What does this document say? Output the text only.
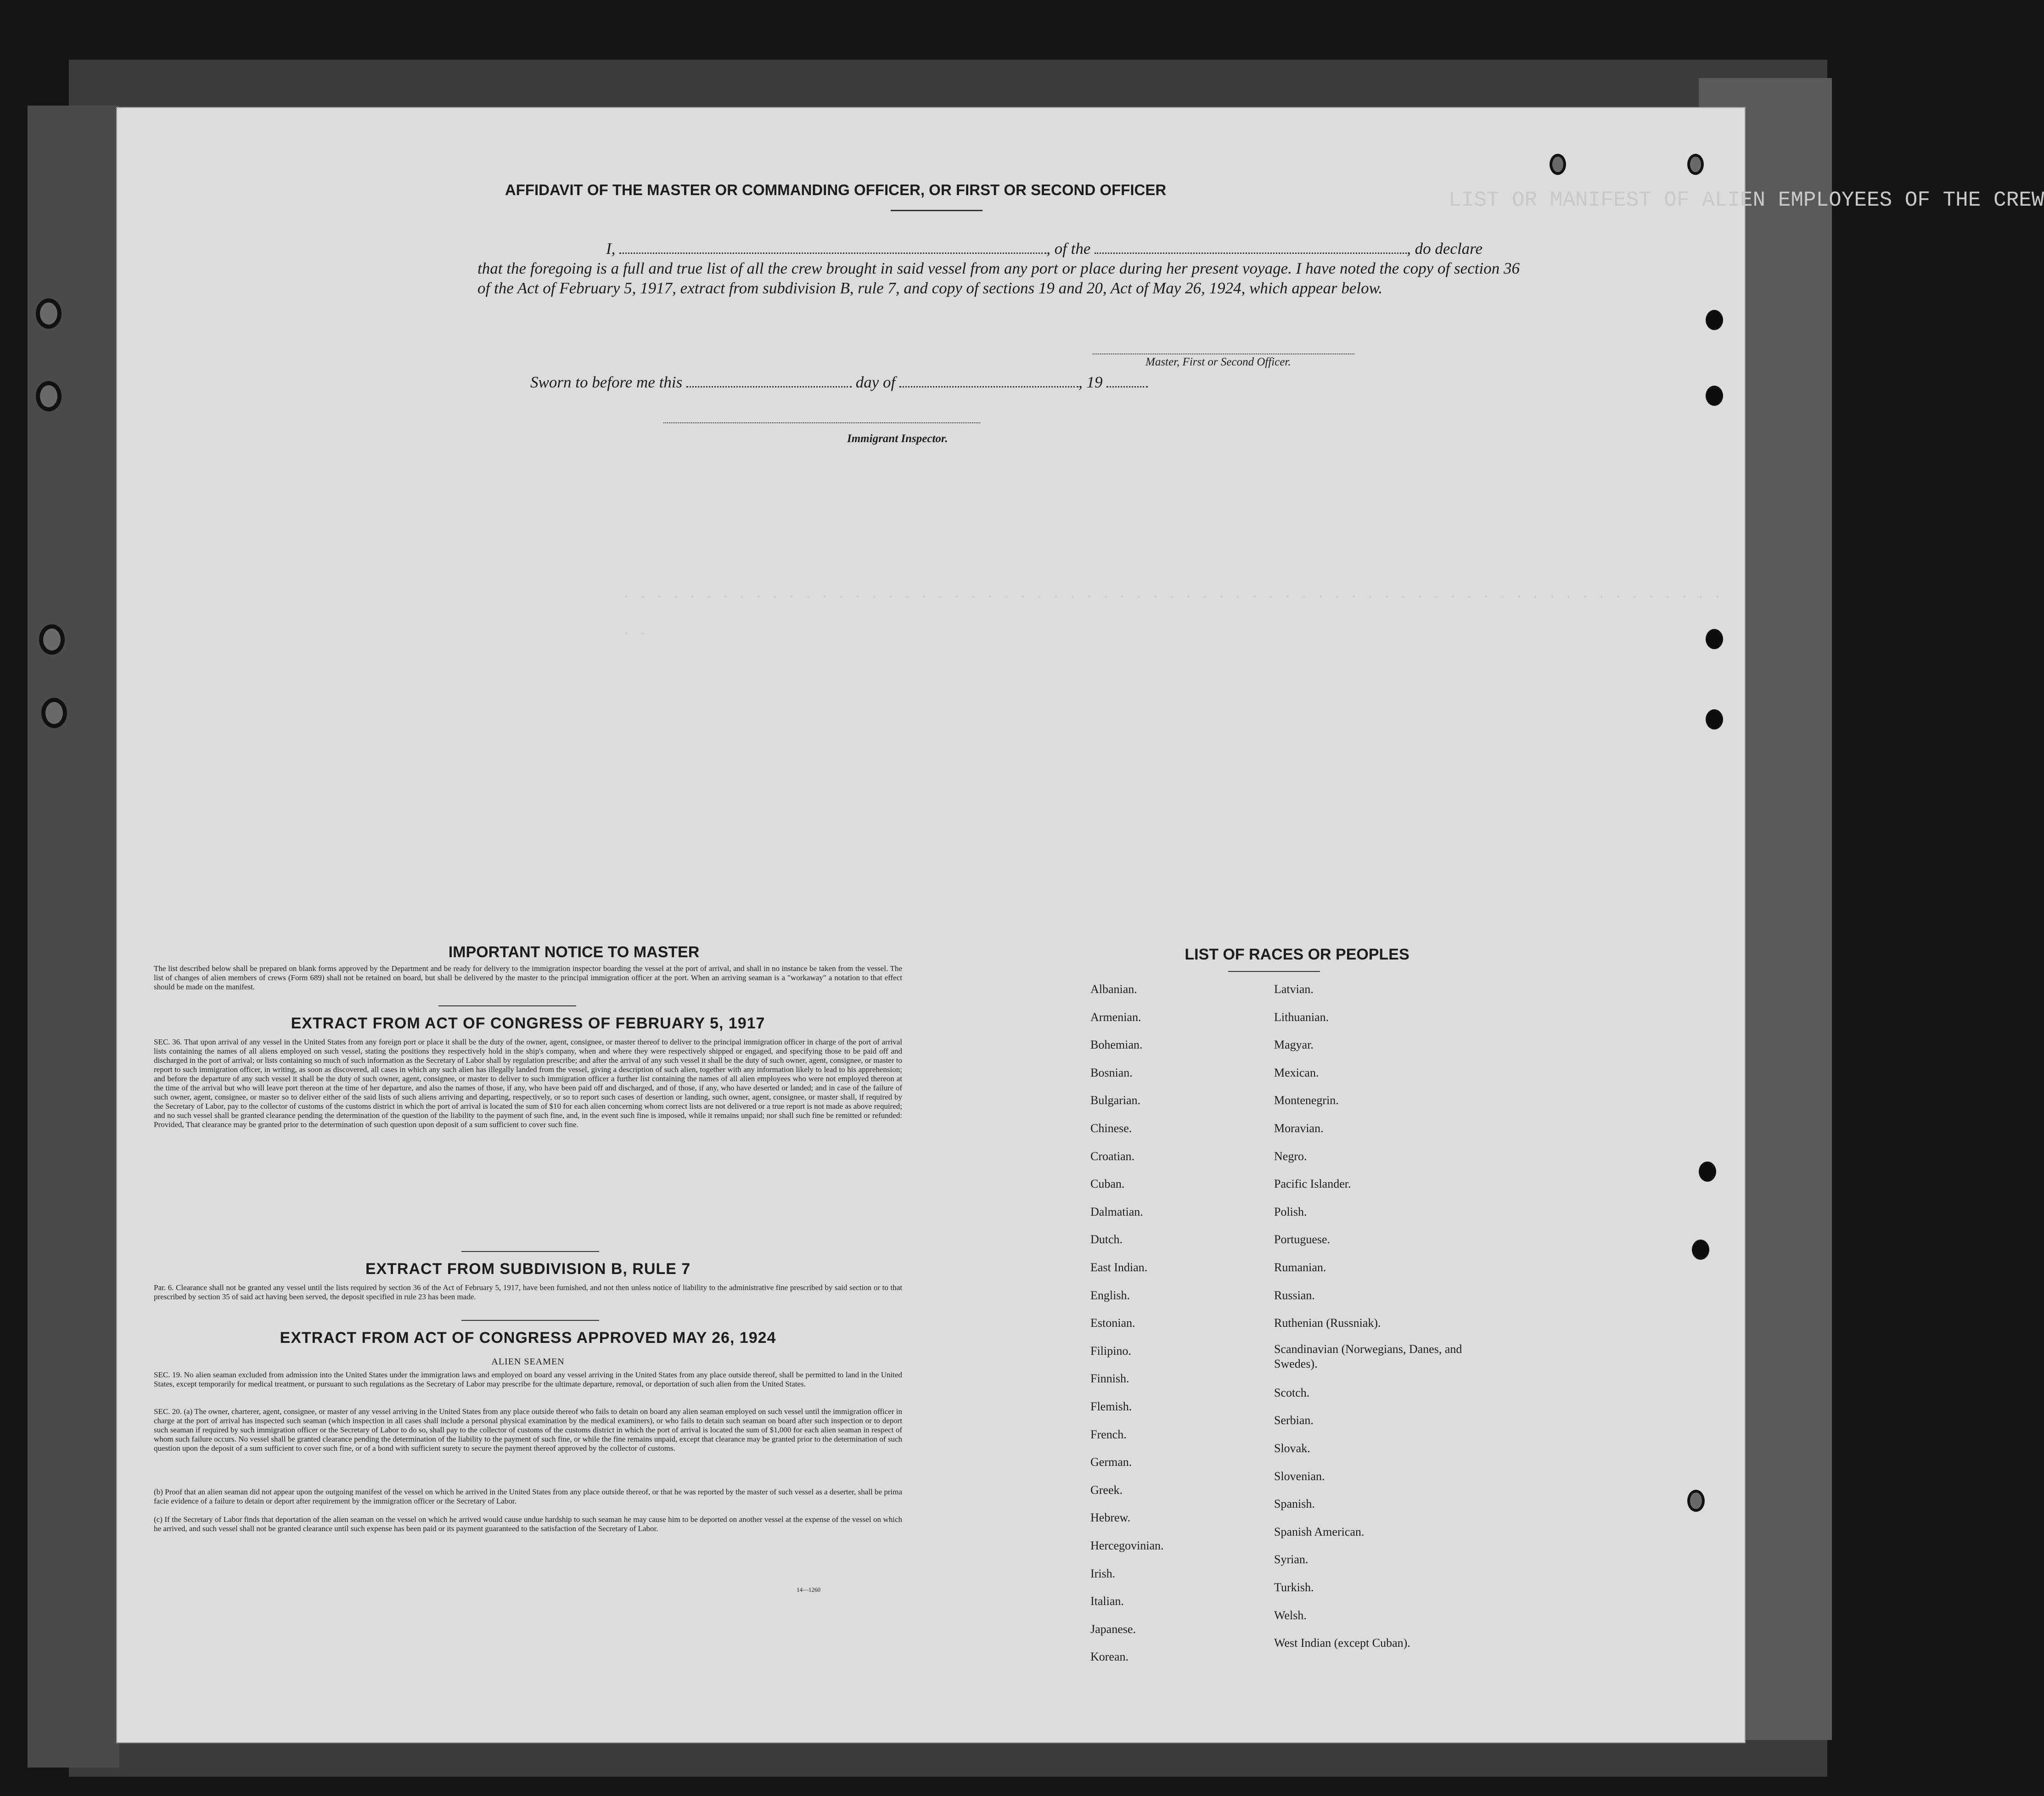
LIST OR MANIFEST OF ALIEN EMPLOYEES OF THE CREW
. . . . . . . . . . . . . . . . . . . . . . . . . . . . . . . . . . . . . . . . . . . . . . . . . . . . . . . . . . . . . . . . . . . . .
AFFIDAVIT OF THE MASTER OR COMMANDING OFFICER, OR FIRST OR SECOND OFFICER
I,	, of the	, do declare
that the foregoing is a full and true list of all the crew brought in said vessel from any port or place during her present voyage. I have noted the copy of section 36 of the Act of February 5, 1917, extract from subdivision B, rule 7, and copy of sections 19 and 20, Act of May 26, 1924, which appear below.
Master, First or Second Officer.
Sworn to before me this	day of	, 19
Immigrant Inspector.
IMPORTANT NOTICE TO MASTER
The list described below shall be prepared on blank forms approved by the Department and be ready for delivery to the immigration inspector boarding the vessel at the port of arrival, and shall in no instance be taken from the vessel. The list of changes of alien members of crews (Form 689) shall not be retained on board, but shall be delivered by the master to the principal immigration officer at the port. When an arriving seaman is a "workaway" a notation to that effect should be made on the manifest.
EXTRACT FROM ACT OF CONGRESS OF FEBRUARY 5, 1917
SEC. 36. That upon arrival of any vessel in the United States from any foreign port or place it shall be the duty of the owner, agent, consignee, or master thereof to deliver to the principal immigration officer in charge of the port of arrival lists containing the names of all aliens employed on such vessel, stating the positions they respectively hold in the ship's company, when and where they were respectively shipped or engaged, and specifying those to be paid off and discharged in the port of arrival; or lists containing so much of such information as the Secretary of Labor shall by regulation prescribe; and after the arrival of any such vessel it shall be the duty of such owner, agent, consignee, or master to report to such immigration officer, in writing, as soon as discovered, all cases in which any such alien has illegally landed from the vessel, giving a description of such alien, together with any information likely to lead to his apprehension; and before the departure of any such vessel it shall be the duty of such owner, agent, consignee, or master to deliver to such immigration officer a further list containing the names of all alien employees who were not employed thereon at the time of the arrival but who will leave port thereon at the time of her departure, and also the names of those, if any, who have been paid off and discharged, and of those, if any, who have deserted or landed; and in case of the failure of such owner, agent, consignee, or master so to deliver either of the said lists of such aliens arriving and departing, respectively, or so to report such cases of desertion or landing, such owner, agent, consignee, or master shall, if required by the Secretary of Labor, pay to the collector of customs of the customs district in which the port of arrival is located the sum of $10 for each alien concerning whom correct lists are not delivered or a true report is not made as above required; and no such vessel shall be granted clearance pending the determination of the question of the liability to the payment of such fine, and, in the event such fine is imposed, while it remains unpaid; nor shall such fine be remitted or refunded: Provided, That clearance may be granted prior to the determination of such question upon deposit of a sum sufficient to cover such fine.
EXTRACT FROM SUBDIVISION B, RULE 7
Par. 6. Clearance shall not be granted any vessel until the lists required by section 36 of the Act of February 5, 1917, have been furnished, and not then unless notice of liability to the administrative fine prescribed by said section or to that prescribed by section 35 of said act having been served, the deposit specified in rule 23 has been made.
EXTRACT FROM ACT OF CONGRESS APPROVED MAY 26, 1924
ALIEN SEAMEN
SEC. 19. No alien seaman excluded from admission into the United States under the immigration laws and employed on board any vessel arriving in the United States from any place outside thereof, shall be permitted to land in the United States, except temporarily for medical treatment, or pursuant to such regulations as the Secretary of Labor may prescribe for the ultimate departure, removal, or deportation of such alien from the United States.
SEC. 20. (a) The owner, charterer, agent, consignee, or master of any vessel arriving in the United States from any place outside thereof who fails to detain on board any alien seaman employed on such vessel until the immigration officer in charge at the port of arrival has inspected such seaman (which inspection in all cases shall include a personal physical examination by the medical examiners), or who fails to detain such seaman on board after such inspection or to deport such seaman if required by such immigration officer or the Secretary of Labor to do so, shall pay to the collector of customs of the customs district in which the port of arrival is located the sum of $1,000 for each alien seaman in respect of whom such failure occurs. No vessel shall be granted clearance pending the determination of the liability to the payment of such fine, or while the fine remains unpaid, except that clearance may be granted prior to the determination of such question upon the deposit of a sum sufficient to cover such fine, or of a bond with sufficient surety to secure the payment thereof approved by the collector of customs.
(b) Proof that an alien seaman did not appear upon the outgoing manifest of the vessel on which he arrived in the United States from any place outside thereof, or that he was reported by the master of such vessel as a deserter, shall be prima facie evidence of a failure to detain or deport after requirement by the immigration officer or the Secretary of Labor.
(c) If the Secretary of Labor finds that deportation of the alien seaman on the vessel on which he arrived would cause undue hardship to such seaman he may cause him to be deported on another vessel at the expense of the vessel on which he arrived, and such vessel shall not be granted clearance until such expense has been paid or its payment guaranteed to the satisfaction of the Secretary of Labor.
14—1260
LIST OF RACES OR PEOPLES
Albanian.
Armenian.
Bohemian.
Bosnian.
Bulgarian.
Chinese.
Croatian.
Cuban.
Dalmatian.
Dutch.
East Indian.
English.
Estonian.
Filipino.
Finnish.
Flemish.
French.
German.
Greek.
Hebrew.
Hercegovinian.
Irish.
Italian.
Japanese.
Korean.
Latvian.
Lithuanian.
Magyar.
Mexican.
Montenegrin.
Moravian.
Negro.
Pacific Islander.
Polish.
Portuguese.
Rumanian.
Russian.
Ruthenian (Russniak).
Scandinavian (Norwegians, Danes, and Swedes).
Scotch.
Serbian.
Slovak.
Slovenian.
Spanish.
Spanish American.
Syrian.
Turkish.
Welsh.
West Indian (except Cuban).
